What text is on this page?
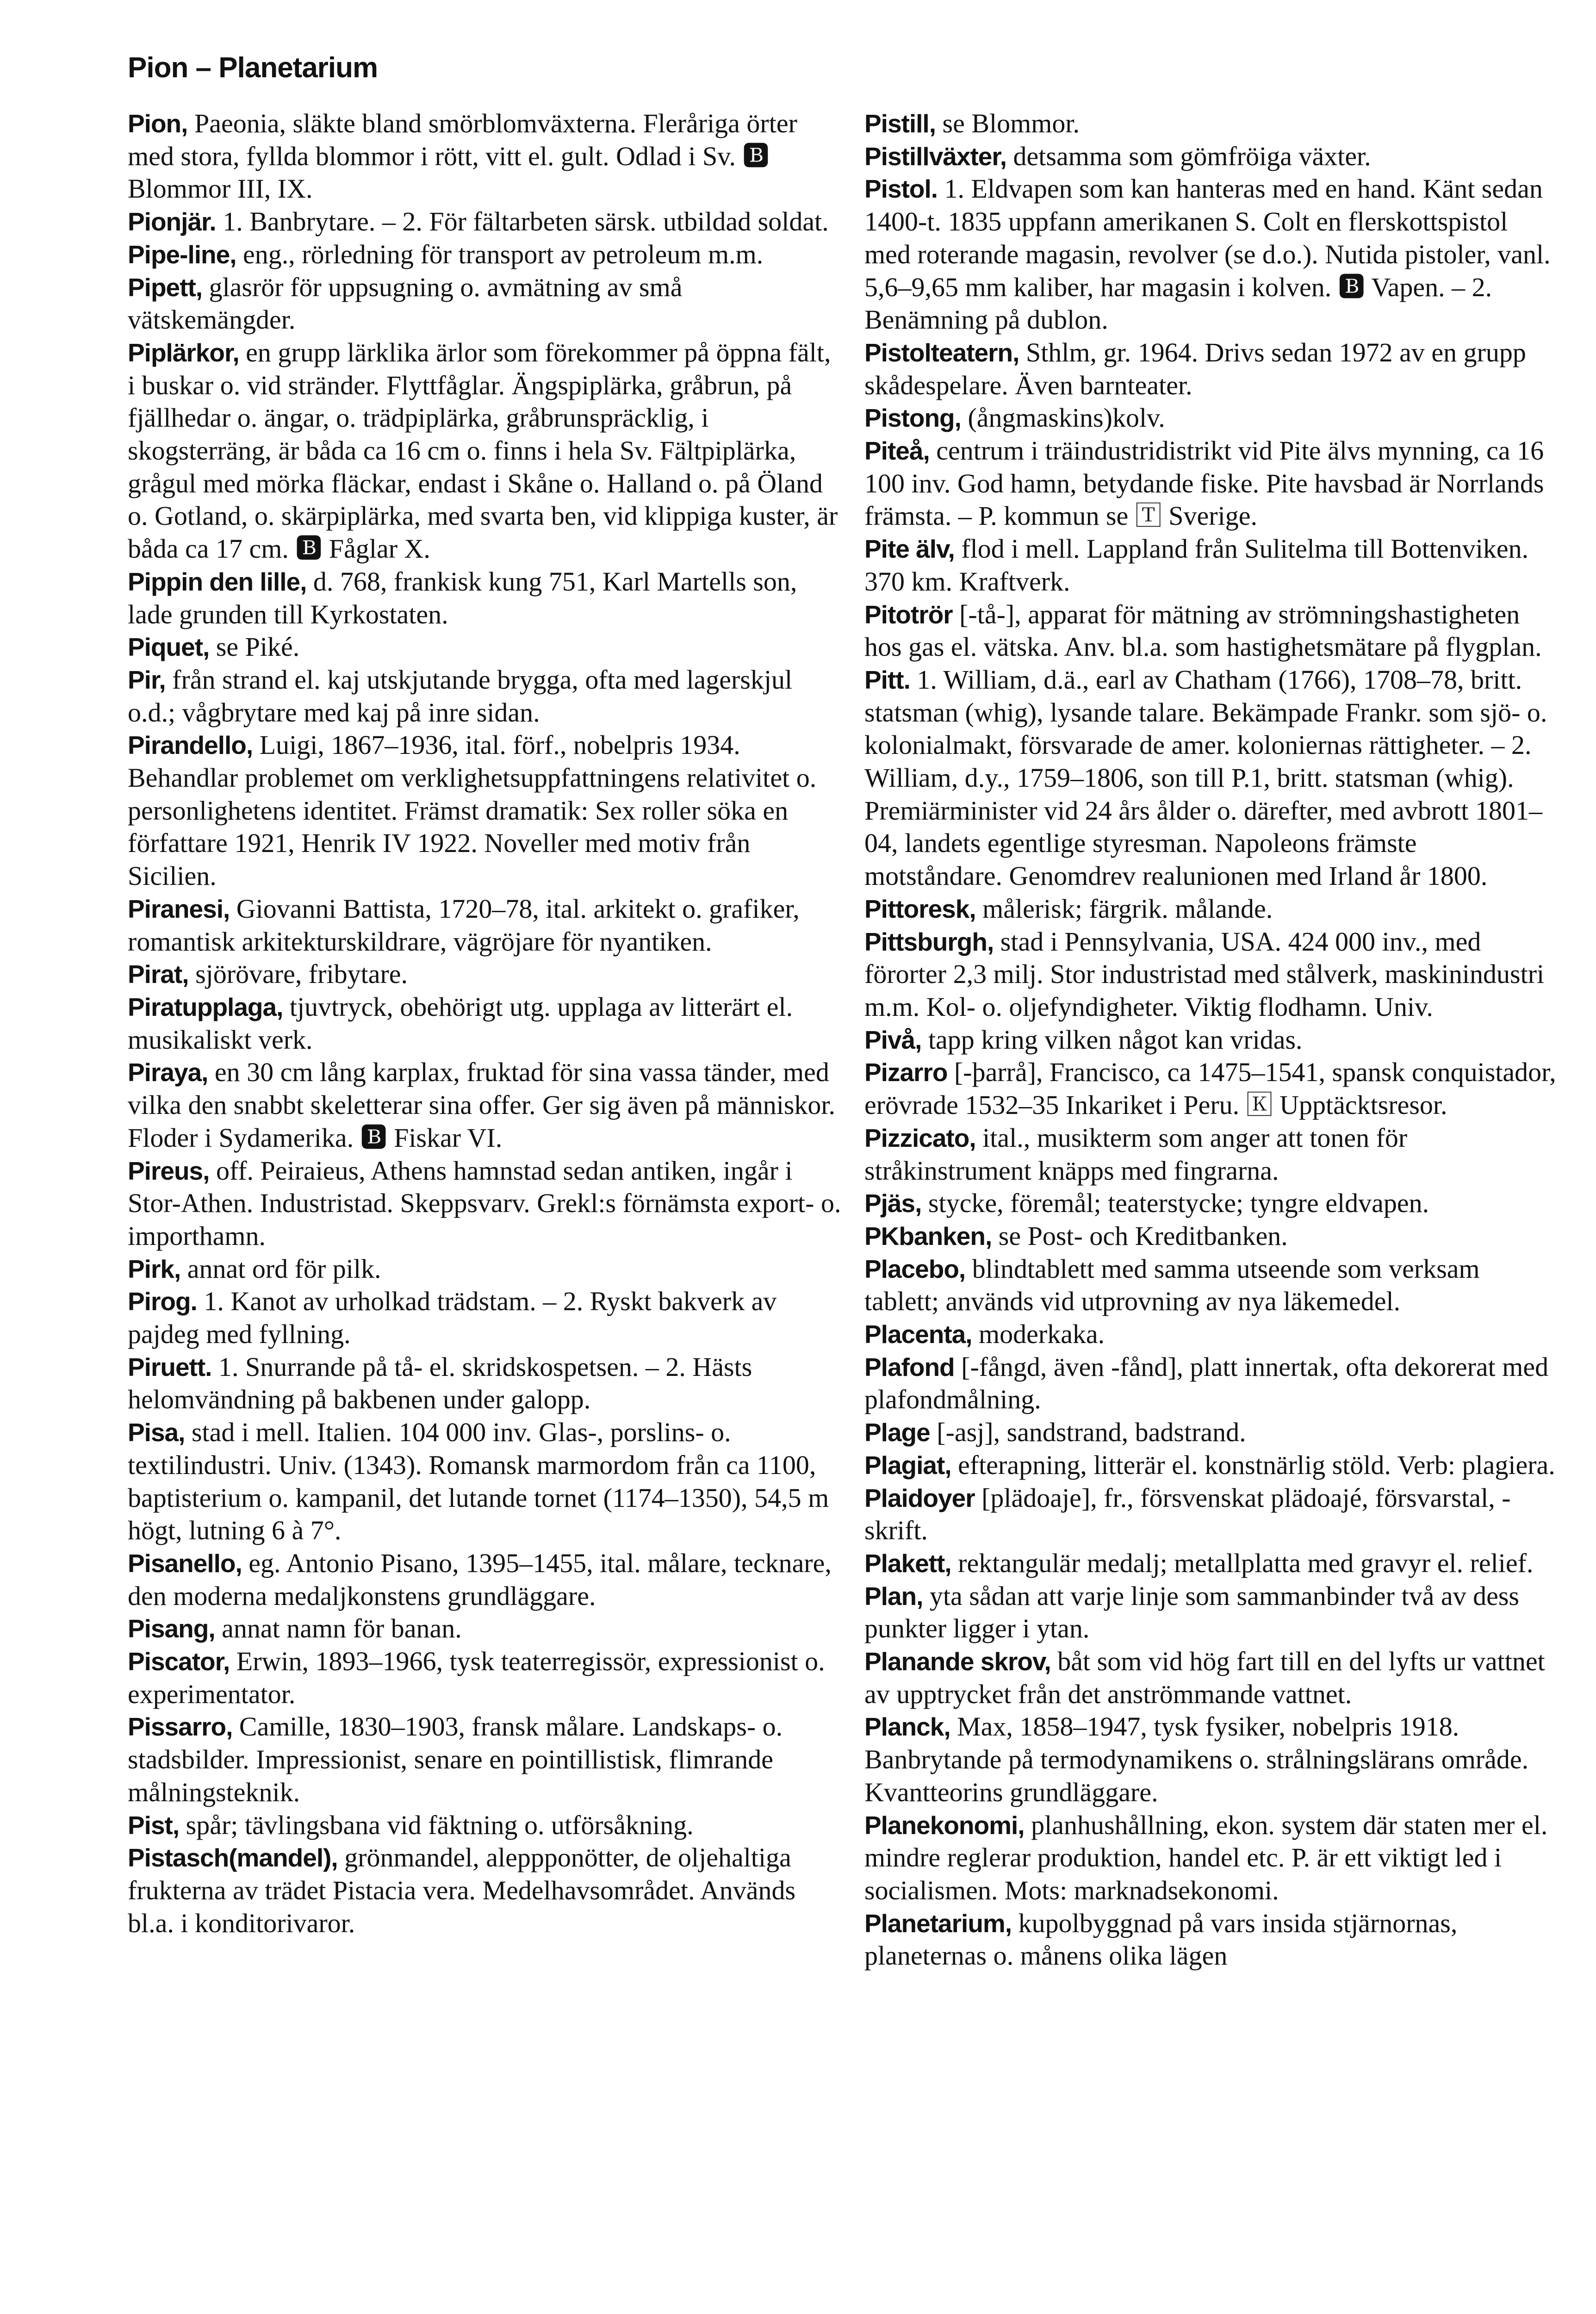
Pion – Planetarium

Pion, Paeonia, släkte bland smörblomväxterna. Fleråriga örter med stora, fyllda blommor i rött, vitt el. gult. Odlad i Sv. 🅱 Blommor III, IX.

Pionjär. 1. Banbrytare. – 2. För fältarbeten särsk. utbildad soldat.

Pipe-line, eng., rörledning för transport av petroleum m.m.

Pipett, glasrör för uppsugning o. avmätning av små vätskemängder.

Piplärkor, en grupp lärklika ärlor som förekommer på öppna fält, i buskar o. vid stränder. Flyttfåglar. Ängspiplärka, gråbrun, på fjällhedar o. ängar, o. trädpiplärka, gråbrunspräcklig, i skogsterräng, är båda ca 16 cm o. finns i hela Sv. Fältpiplärka, grågul med mörka fläckar, endast i Skåne o. Halland o. på Öland o. Gotland, o. skärpiplärka, med svarta ben, vid klippiga kuster, är båda ca 17 cm. 🅱 Fåglar X.

Pippin den lille, d. 768, frankisk kung 751, Karl Martells son, lade grunden till Kyrkostaten.

Piquet, se Piké.

Pir, från strand el. kaj utskjutande brygga, ofta med lagerskjul o.d.; vågbrytare med kaj på inre sidan.

Pirandello, Luigi, 1867–1936, ital. förf., nobelpris 1934. Behandlar problemet om verklighetsuppfattningens relativitet o. personlighetens identitet. Främst dramatik: Sex roller söka en författare 1921, Henrik IV 1922. Noveller med motiv från Sicilien.

Piranesi, Giovanni Battista, 1720–78, ital. arkitekt o. grafiker, romantisk arkitekturskildrare, vägröjare för nyantiken.

Pirat, sjörövare, fribytare.

Piratupplaga, tjuvtryck, obehörigt utg. upplaga av litterärt el. musikaliskt verk.

Piraya, en 30 cm lång karplax, fruktad för sina vassa tänder, med vilka den snabbt skeletterar sina offer. Ger sig även på människor. Floder i Sydamerika. 🅱 Fiskar VI.

Pireus, off. Peiraieus, Athens hamnstad sedan antiken, ingår i Stor-Athen. Industristad. Skeppsvarv. Grekl:s förnämsta export- o. importhamn.

Pirk, annat ord för pilk.

Pirog. 1. Kanot av urholkad trädstam. – 2. Ryskt bakverk av pajdeg med fyllning.

Piruett. 1. Snurrande på tå- el. skridskospetsen. – 2. Hästs helomvändning på bakbenen under galopp.

Pisa, stad i mell. Italien. 104 000 inv. Glas-, porslins- o. textilindustri. Univ. (1343). Romansk marmordom från ca 1100, baptisterium o. kampanil, det lutande tornet (1174–1350), 54,5 m högt, lutning 6 à 7°.

Pisanello, eg. Antonio Pisano, 1395–1455, ital. målare, tecknare, den moderna medaljkonstens grundläggare.

Pisang, annat namn för banan.

Piscator, Erwin, 1893–1966, tysk teaterregissör, expressionist o. experimentator.

Pissarro, Camille, 1830–1903, fransk målare. Landskaps- o. stadsbilder. Impressionist, senare en pointillistisk, flimrande målningsteknik.

Pist, spår; tävlingsbana vid fäktning o. utförsåkning.

Pistasch(mandel), grönmandel, aleppponötter, de oljehaltiga frukterna av trädet Pistacia vera. Medelhavsområdet. Används bl.a. i konditorivaror.

Pistill, se Blommor.

Pistillväxter, detsamma som gömfröiga växter.

Pistol. 1. Eldvapen som kan hanteras med en hand. Känt sedan 1400-t. 1835 uppfann amerikanen S. Colt en flerskottspistol med roterande magasin, revolver (se d.o.). Nutida pistoler, vanl. 5,6–9,65 mm kaliber, har magasin i kolven. 🅱 Vapen. – 2. Benämning på dublon.

Pistolteatern, Sthlm, gr. 1964. Drivs sedan 1972 av en grupp skådespelare. Även barnteater.

Pistong, (ångmaskins)kolv.

Piteå, centrum i träindustridistrikt vid Pite älvs mynning, ca 16 100 inv. God hamn, betydande fiske. Pite havsbad är Norrlands främsta. – P. kommun se 🅃 Sverige.

Pite älv, flod i mell. Lappland från Sulitelma till Bottenviken. 370 km. Kraftverk.

Pitotrör [-tå-], apparat för mätning av strömningshastigheten hos gas el. vätska. Anv. bl.a. som hastighetsmätare på flygplan.

Pitt. 1. William, d.ä., earl av Chatham (1766), 1708–78, britt. statsman (whig), lysande talare. Bekämpade Frankr. som sjö- o. kolonialmakt, försvarade de amer. koloniernas rättigheter. – 2. William, d.y., 1759–1806, son till P.1, britt. statsman (whig). Premiärminister vid 24 års ålder o. därefter, med avbrott 1801–04, landets egentlige styresman. Napoleons främste motståndare. Genomdrev realunionen med Irland år 1800.

Pittoresk, målerisk; färgrik. målande.

Pittsburgh, stad i Pennsylvania, USA. 424 000 inv., med förorter 2,3 milj. Stor industristad med stålverk, maskinindustri m.m. Kol- o. oljefyndigheter. Viktig flodhamn. Univ.

Pivå, tapp kring vilken något kan vridas.

Pizarro [-þarrå], Francisco, ca 1475–1541, spansk conquistador, erövrade 1532–35 Inkariket i Peru. 🄺 Upptäcktsresor.

Pizzicato, ital., musikterm som anger att tonen för stråkinstrument knäpps med fingrarna.

Pjäs, stycke, föremål; teaterstycke; tyngre eldvapen.

PKbanken, se Post- och Kreditbanken.

Placebo, blindtablett med samma utseende som verksam tablett; används vid utprovning av nya läkemedel.

Placenta, moderkaka.

Plafond [-fångd, även -fånd], platt innertak, ofta dekorerat med plafondmålning.

Plage [-asj], sandstrand, badstrand.

Plagiat, efterapning, litterär el. konstnärlig stöld. Verb: plagiera.

Plaidoyer [plädoaje], fr., försvenskat plädoajé, försvarstal, -skrift.

Plakett, rektangulär medalj; metallplatta med gravyr el. relief.

Plan, yta sådan att varje linje som sammanbinder två av dess punkter ligger i ytan.

Planande skrov, båt som vid hög fart till en del lyfts ur vattnet av upptrycket från det anströmmande vattnet.

Planck, Max, 1858–1947, tysk fysiker, nobelpris 1918. Banbrytande på termodynamikens o. strålningslärans område. Kvantteorins grundläggare.

Planekonomi, planhushållning, ekon. system där staten mer el. mindre reglerar produktion, handel etc. P. är ett viktigt led i socialismen. Mots: marknadsekonomi.

Planetarium, kupolbyggnad på vars insida stjärnornas, planeternas o. månens olika lägen
